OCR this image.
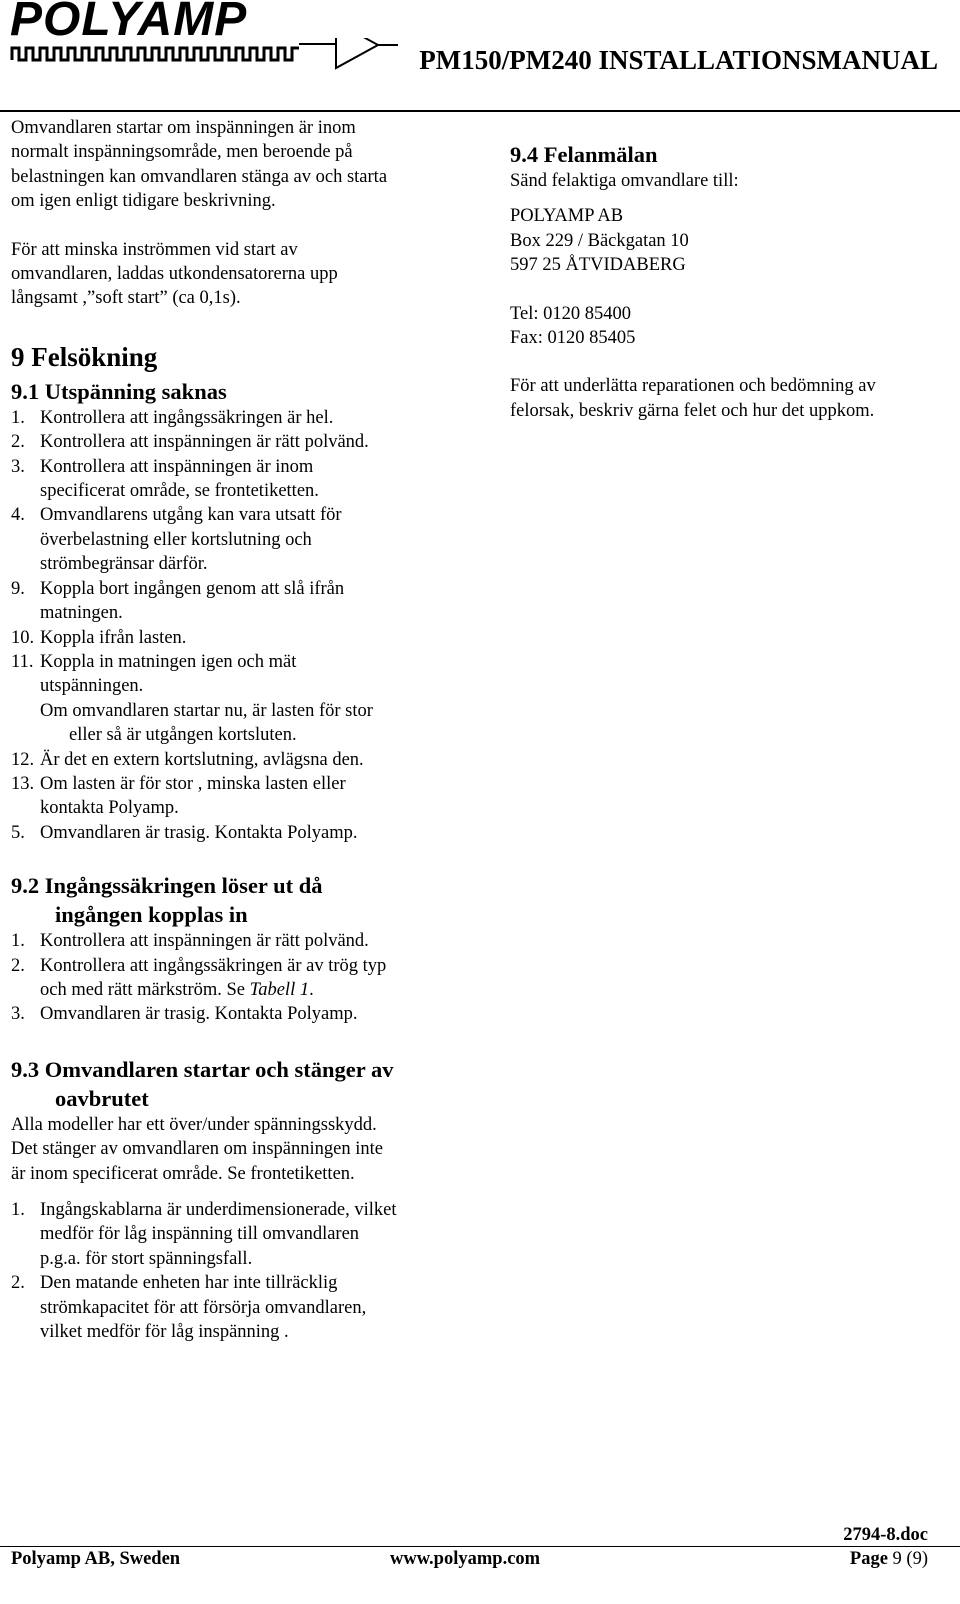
POLYAMP
PM150/PM240 INSTALLATIONSMANUAL

Omvandlaren startar om inspänningen är inom
normalt inspänningsområde, men beroende på
belastningen kan omvandlaren stänga av och starta
om igen enligt tidigare beskrivning.

För att minska inströmmen vid start av
omvandlaren, laddas utkondensatorerna upp
långsamt ,”soft start” (ca 0,1s).

9 Felsökning
9.1 Utspänning saknas
1. Kontrollera att ingångssäkringen är hel.
2. Kontrollera att inspänningen är rätt polvänd.
3. Kontrollera att inspänningen är inom
specificerat område, se frontetiketten.
4. Omvandlarens utgång kan vara utsatt för
överbelastning eller kortslutning och
strömbegränsar därför.
9. Koppla bort ingången genom att slå ifrån
matningen.
10. Koppla ifrån lasten.
11. Koppla in matningen igen och mät
utspänningen.
Om omvandlaren startar nu, är lasten för stor
eller så är utgången kortsluten.
12. Är det en extern kortslutning, avlägsna den.
13. Om lasten är för stor , minska lasten eller
kontakta Polyamp.
5. Omvandlaren är trasig. Kontakta Polyamp.
9.2 Ingångssäkringen löser ut då
ingången kopplas in
1. Kontrollera att inspänningen är rätt polvänd.
2. Kontrollera att ingångssäkringen är av trög typ
och med rätt märkström. Se Tabell 1.
3. Omvandlaren är trasig. Kontakta Polyamp.
9.3 Omvandlaren startar och stänger av
oavbrutet

Alla modeller har ett över/under spänningsskydd.
Det stänger av omvandlaren om inspänningen inte
är inom specificerat område. Se frontetiketten.

1. Ingångskablarna är underdimensionerade, vilket
medför för låg inspänning till omvandlaren
p.g.a. för stort spänningsfall.
2. Den matande enheten har inte tillräcklig
strömkapacitet för att försörja omvandlaren,
vilket medför för låg inspänning .
9.4 Felanmälan

Sänd felaktiga omvandlare till:

POLYAMP AB
Box 229 / Bäckgatan 10
597 25 ÅTVIDABERG

Tel: 0120 85400
Fax: 0120 85405

För att underlätta reparationen och bedömning av
felorsak, beskriv gärna felet och hur det uppkom.

2794-8.doc
Polyamp AB, Sweden	www.polyamp.com	Page 9 (9)
